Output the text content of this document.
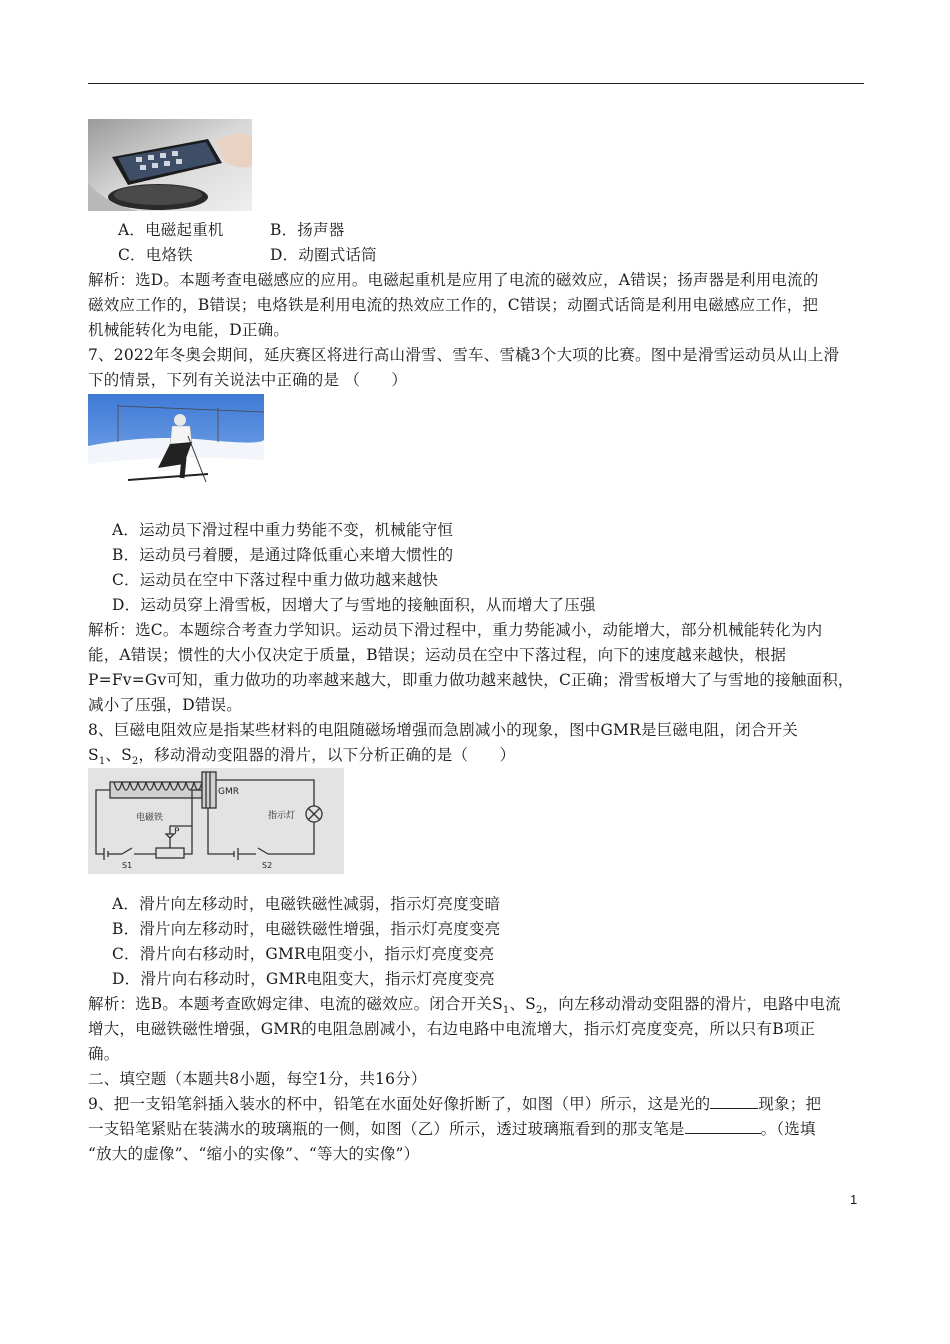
A．电磁起重机	B．扬声器
C．电烙铁	D．动圈式话筒
解析：选D。本题考查电磁感应的应用。电磁起重机是应用了电流的磁效应，A错误；扬声器是利用电流的
磁效应工作的，B错误；电烙铁是利用电流的热效应工作的，C错误；动圈式话筒是利用电磁感应工作，把
机械能转化为电能，D正确。
7、2022年冬奥会期间，延庆赛区将进行高山滑雪、雪车、雪橇3个大项的比赛。图中是滑雪运动员从山上滑
下的情景，下列有关说法中正确的是 （　　）
A．运动员下滑过程中重力势能不变，机械能守恒
B．运动员弓着腰，是通过降低重心来增大惯性的
C．运动员在空中下落过程中重力做功越来越快
D．运动员穿上滑雪板，因增大了与雪地的接触面积，从而增大了压强
解析：选C。本题综合考查力学知识。运动员下滑过程中，重力势能减小，动能增大，部分机械能转化为内
能，A错误；惯性的大小仅决定于质量，B错误；运动员在空中下落过程，向下的速度越来越快，根据
P=Fv=Gv可知，重力做功的功率越来越大，即重力做功越来越快，C正确；滑雪板增大了与雪地的接触面积，
减小了压强，D错误。
8、巨磁电阻效应是指某些材料的电阻随磁场增强而急剧减小的现象，图中GMR是巨磁电阻，闭合开关
$S_1$、$S_2$，移动滑动变阻器的滑片，以下分析正确的是（　　）
电磁铁
GMR
指示灯
P
S1	S2
A．滑片向左移动时，电磁铁磁性减弱，指示灯亮度变暗
B．滑片向左移动时，电磁铁磁性增强，指示灯亮度变亮
C．滑片向右移动时，GMR电阻变小，指示灯亮度变亮
D．滑片向右移动时，GMR电阻变大，指示灯亮度变亮
解析：选B。本题考查欧姆定律、电流的磁效应。闭合开关$S_1$、$S_2$，向左移动滑动变阻器的滑片，电路中电流
增大，电磁铁磁性增强，GMR的电阻急剧减小，右边电路中电流增大，指示灯亮度变亮，所以只有B项正
确。
二、填空题（本题共8小题，每空1分，共16分）
9、把一支铅笔斜插入装水的杯中，铅笔在水面处好像折断了，如图（甲）所示，这是光的	现象；把
一支铅笔紧贴在装满水的玻璃瓶的一侧，如图（乙）所示，透过玻璃瓶看到的那支笔是	。（选填
“放大的虚像”、“缩小的实像”、“等大的实像”）
1
